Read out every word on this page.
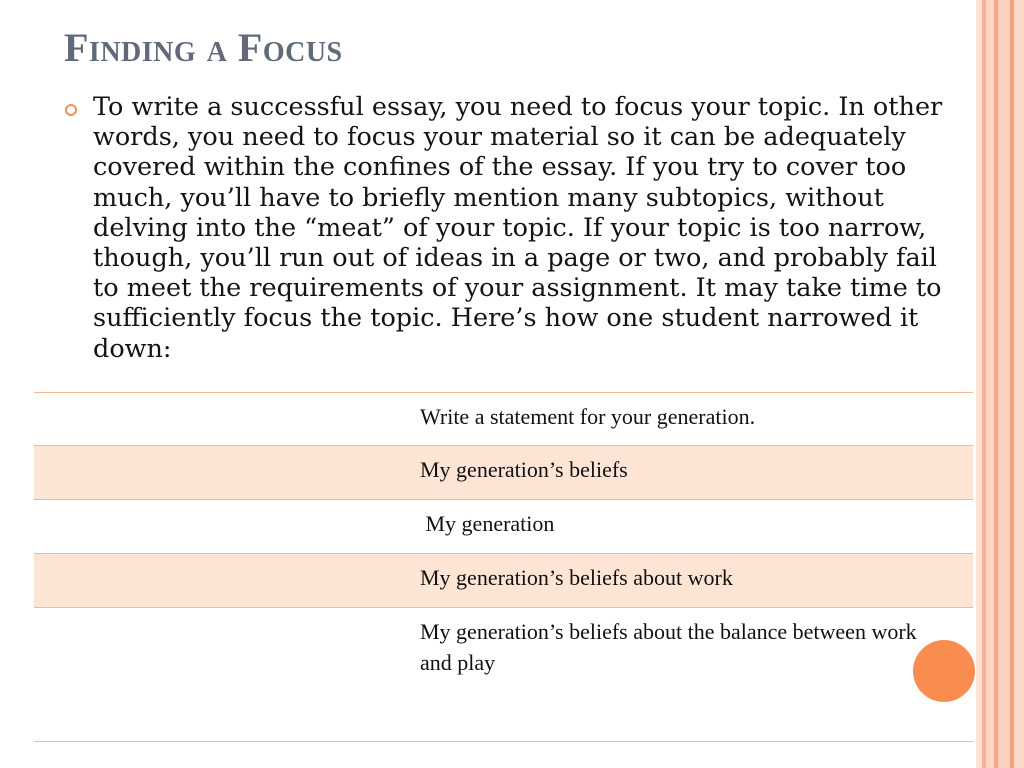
Finding a Focus

To write a successful essay, you need to focus your topic. In other words, you need to focus your material so it can be adequately covered within the confines of the essay. If you try to cover too much, you’ll have to briefly mention many subtopics, without delving into the “meat” of your topic. If your topic is too narrow, though, you’ll run out of ideas in a page or two, and probably fail to meet the requirements of your assignment. It may take time to sufficiently focus the topic. Here’s how one student narrowed it down:

Write a statement for your generation.
My generation’s beliefs
My generation
My generation’s beliefs about work
My generation’s beliefs about the balance between work and play
